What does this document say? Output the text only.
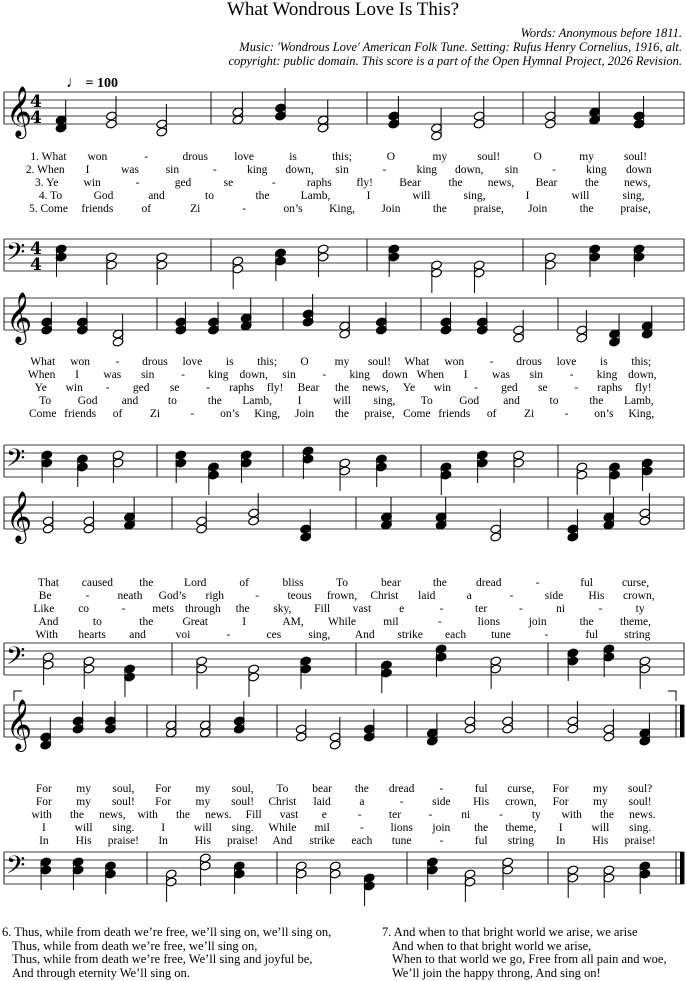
What Wondrous Love Is This?
Words: Anonymous before 1811.
Music: 'Wondrous Love' American Folk Tune. Setting: Rufus Henry Cornelius, 1916, alt.
copyright: public domain. This score is a part of the Open Hymnal Project, 2026 Revision.
♩ = 100
𝄞
𝄢
4
4
4
4
1. What won	-	drous love	is	this;	O	my	soul!	O	my	soul!
2. When I	was sin	-	king down, sin	-	king down, sin	-	king down
3. Ye win	-	ged	se	-	raphs fly! Bear the news, Bear the news,
4. To	God	and	to	the	Lamb,	I	will	sing,	I	will	sing,
5. Come friends of	Zi	-	on’s King, Join	the praise, Join	the praise,
𝄞
𝄢
What won - drous love is this; O my soul! What won - drous love is this;
When I was sin - king down, sin - king down When I was sin - king down,
Ye win - ged se - raphs fly! Bear the news, Ye win - ged se - raphs fly!
To God and	to	the Lamb, I	will sing, To God and	to	the Lamb,
Come friends of Zi	- on’s King, Join the praise, Come friends of Zi	- on’s King,
𝄞
𝄢
That caused the	Lord	of	bliss	To	bear	the	dread	-	ful	curse,
Be	- neath God’s righ	- teous frown, Christ laid	a	-	side His crown,
Like co	- mets through the sky, Fill vast e	-	ter	-	ni	-	ty
And	to	the	Great	I	AM, While mil	-	lions	join	the theme,
With hearts and	voi	-	ces sing, And strike each tune	-	ful string
𝄞
𝄢
For my soul, For my soul, To bear the dread -	ful curse, For my soul?
For my soul! For my soul! Christ laid a	- side His crown, For my soul!
with the news, with the news. Fill vast e	- ter -	ni	-	ty with the news.
I	will sing. I	will sing. While mil	- lions join the theme, I	will sing.
In His praise! In His praise! And strike each tune -	ful string In His praise!
6. Thus, while from death we’re free, we’ll sing on, we’ll sing on,
Thus, while from death we’re free, we’ll sing on,
Thus, while from death we’re free, We’ll sing and joyful be,
And through eternity We’ll sing on.
7. And when to that bright world we arise, we arise
And when to that bright world we arise,
When to that world we go, Free from all pain and woe,
We’ll join the happy throng, And sing on!
